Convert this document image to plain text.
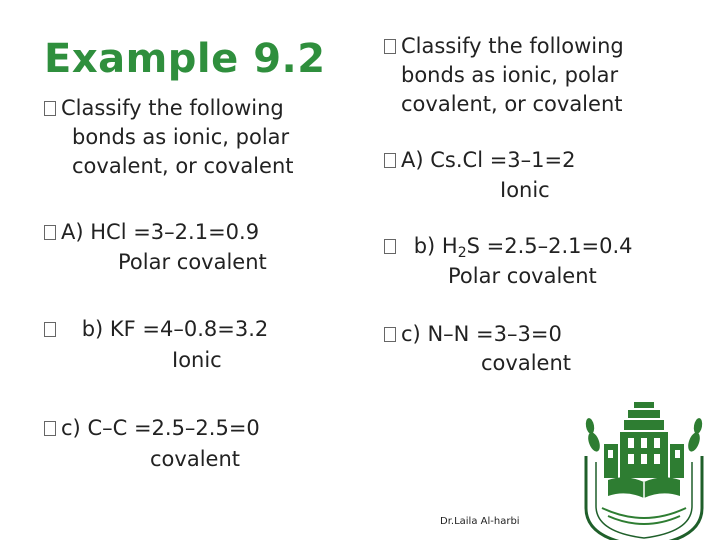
Example 9.2
Classify the following
bonds as ionic, polar
covalent, or covalent
A) HCl =3–2.1=0.9
Polar covalent
b) KF =4–0.8=3.2
Ionic
c) C–C =2.5–2.5=0
covalent
Classify the following
bonds as ionic, polar
covalent, or covalent
A) Cs.Cl =3–1=2
Ionic
b) $H_2S =2.5-2.1=0.4$
Polar covalent
c) N–N =3–3=0
covalent
Dr.Laila Al-harbi
